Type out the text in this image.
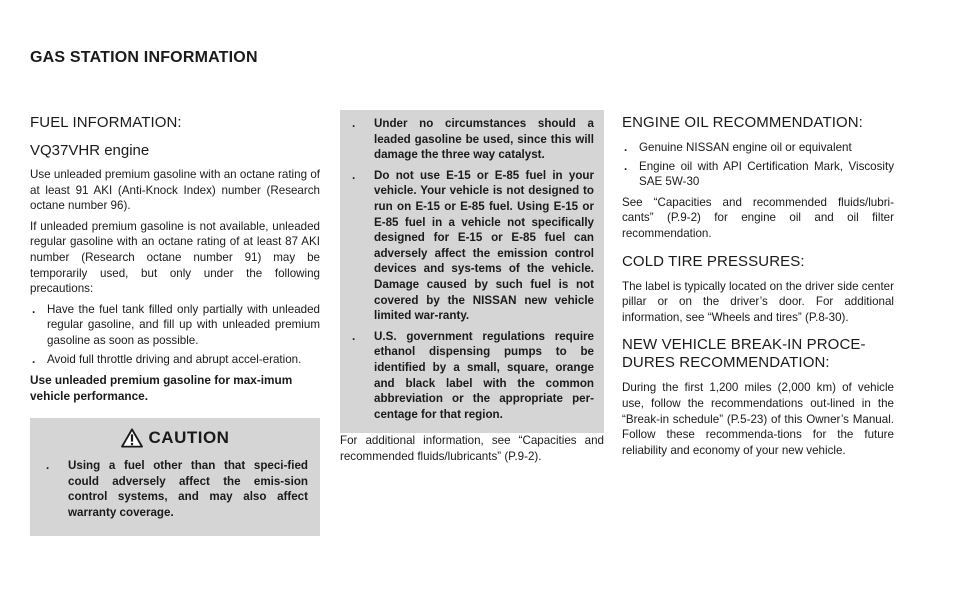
GAS STATION INFORMATION
FUEL INFORMATION:
VQ37VHR engine

Use unleaded premium gasoline with an octane rating of at least 91 AKI (Anti-Knock Index) number (Research octane number 96).

If unleaded premium gasoline is not available, unleaded regular gasoline with an octane rating of at least 87 AKI number (Research octane number 91) may be temporarily used, but only under the following precautions:

. Have the fuel tank filled only partially with unleaded regular gasoline, and fill up with unleaded premium gasoline as soon as possible.
. Avoid full throttle driving and abrupt accel-eration.

Use unleaded premium gasoline for max-imum vehicle performance.

CAUTION
. Using a fuel other than that speci-fied could adversely affect the emis-sion control systems, and may also affect warranty coverage.
. Under no circumstances should a leaded gasoline be used, since this will damage the three way catalyst.
. Do not use E-15 or E-85 fuel in your vehicle. Your vehicle is not designed to run on E-15 or E-85 fuel. Using E-15 or E-85 fuel in a vehicle not specifically designed for E-15 or E-85 fuel can adversely affect the emission control devices and sys-tems of the vehicle. Damage caused by such fuel is not covered by the NISSAN new vehicle limited war-ranty.
. U.S. government regulations require ethanol dispensing pumps to be identified by a small, square, orange and black label with the common abbreviation or the appropriate per-centage for that region.

For additional information, see “Capacities and recommended fluids/lubricants” (P.9-2).

ENGINE OIL RECOMMENDATION:
. Genuine NISSAN engine oil or equivalent
. Engine oil with API Certification Mark, Viscosity SAE 5W-30

See “Capacities and recommended fluids/lubri-cants” (P.9-2) for engine oil and oil filter recommendation.

COLD TIRE PRESSURES:

The label is typically located on the driver side center pillar or on the driver’s door. For additional information, see “Wheels and tires” (P.8-30).

NEW VEHICLE BREAK-IN PROCE-DURES RECOMMENDATION:

During the first 1,200 miles (2,000 km) of vehicle use, follow the recommendations out-lined in the “Break-in schedule” (P.5-23) of this Owner’s Manual. Follow these recommenda-tions for the future reliability and economy of your new vehicle.
